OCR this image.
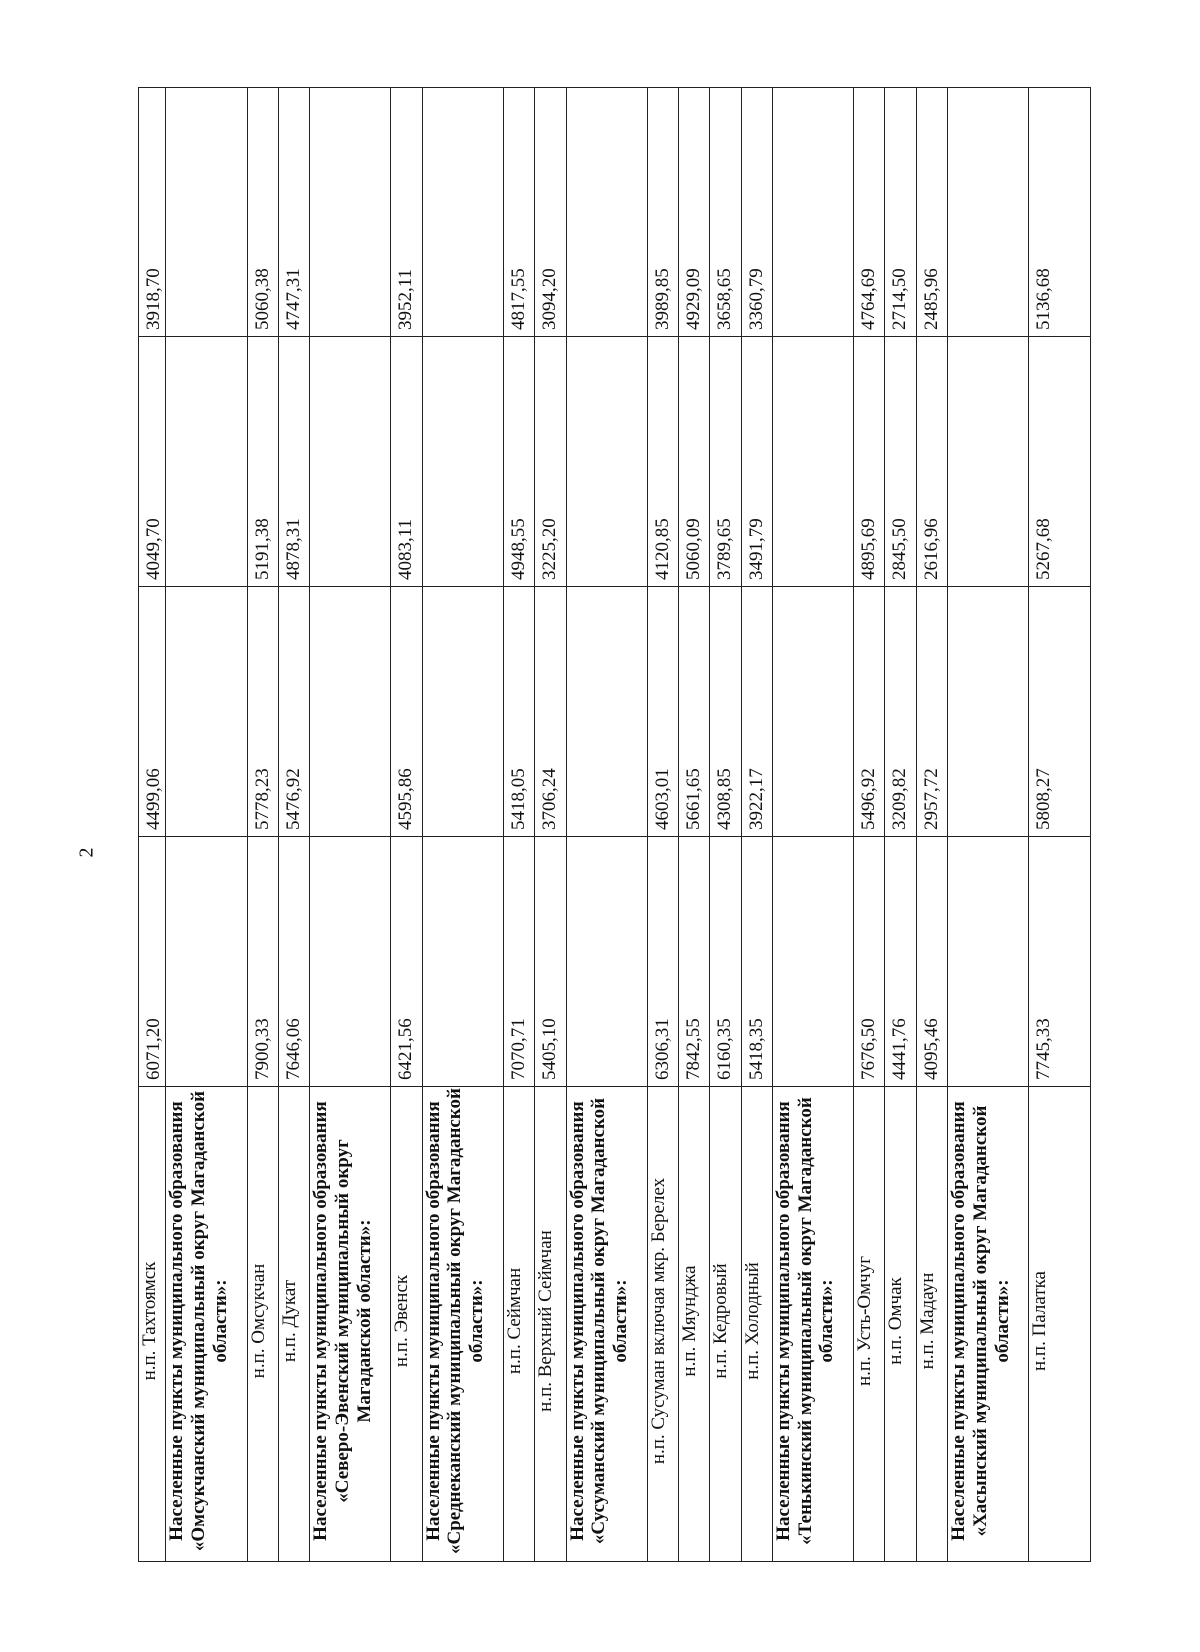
2
н.п. Тахтоямск	6071,20	4499,06	4049,70	3918,70
Населенные пункты муниципального образования «Омсукчанский муниципальный округ Магаданской области»:				
н.п. Омсукчан	7900,33	5778,23	5191,38	5060,38
н.п. Дукат	7646,06	5476,92	4878,31	4747,31
Населенные пункты муниципального образования «Северо-Эвенский муниципальный округ Магаданской области»:				
н.п. Эвенск	6421,56	4595,86	4083,11	3952,11
Населенные пункты муниципального образования «Среднеканский муниципальный округ Магаданской области»:				
н.п. Сеймчан	7070,71	5418,05	4948,55	4817,55
н.п. Верхний Сеймчан	5405,10	3706,24	3225,20	3094,20
Населенные пункты муниципального образования «Сусуманский муниципальный округ Магаданской области»:				
н.п. Сусуман включая мкр. Берелех	6306,31	4603,01	4120,85	3989,85
н.п. Мяунджа	7842,55	5661,65	5060,09	4929,09
н.п. Кедровый	6160,35	4308,85	3789,65	3658,65
н.п. Холодный	5418,35	3922,17	3491,79	3360,79
Населенные пункты муниципального образования «Тенькинский муниципальный округ Магаданской области»:				
н.п. Усть-Омчуг	7676,50	5496,92	4895,69	4764,69
н.п. Омчак	4441,76	3209,82	2845,50	2714,50
н.п. Мадаун	4095,46	2957,72	2616,96	2485,96
Населенные пункты муниципального образования «Хасынский муниципальный округ Магаданской области»:				
н.п. Палатка	7745,33	5808,27	5267,68	5136,68
